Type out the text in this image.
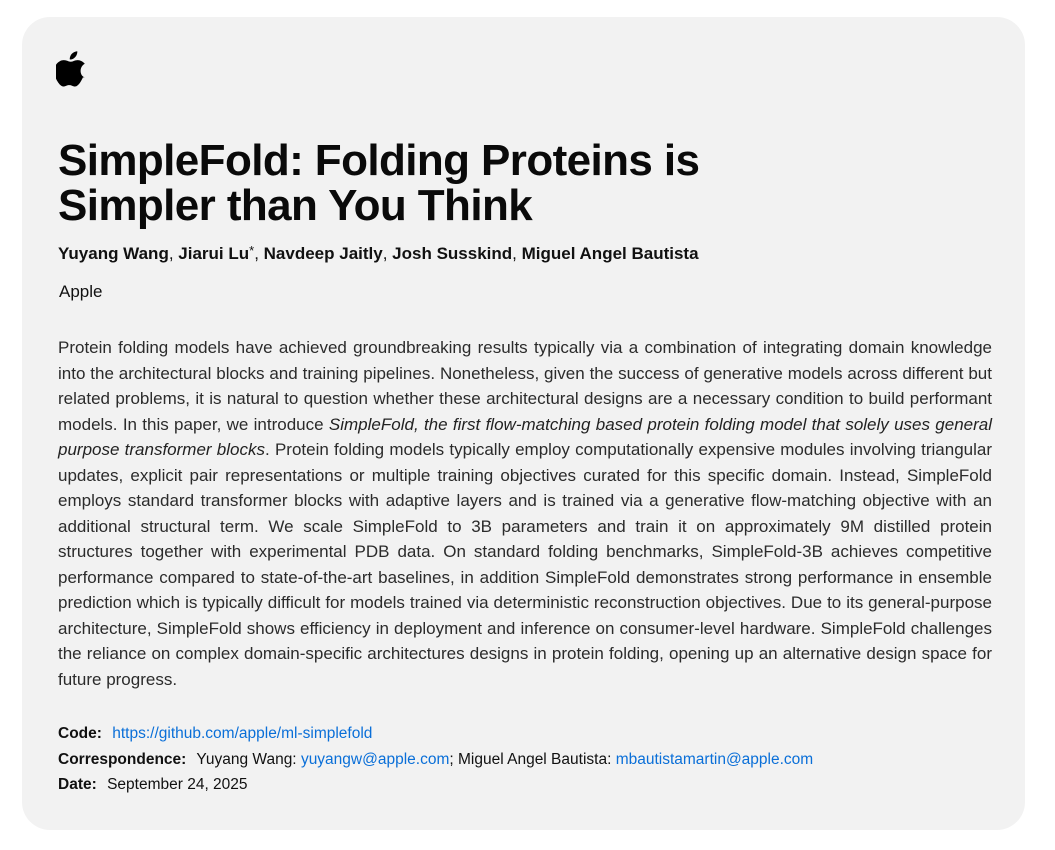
SimpleFold: Folding Proteins is
Simpler than You Think
Yuyang Wang, Jiarui Lu*, Navdeep Jaitly, Josh Susskind, Miguel Angel Bautista
Apple

Protein folding models have achieved groundbreaking results typically via a combination of integrating domain knowledge into the architectural blocks and training pipelines. Nonetheless, given the success of generative models across different but related problems, it is natural to question whether these architectural designs are a necessary condition to build performant models. In this paper, we introduce SimpleFold, the first flow-matching based protein folding model that solely uses general purpose transformer blocks. Protein folding models typically employ computationally expensive modules involving triangular updates, explicit pair representations or multiple training objectives curated for this specific domain. Instead, SimpleFold employs standard transformer blocks with adaptive layers and is trained via a generative flow-matching objective with an additional structural term. We scale SimpleFold to 3B parameters and train it on approximately 9M distilled protein structures together with experimental PDB data. On standard folding benchmarks, SimpleFold-3B achieves competitive performance compared to state-of-the-art baselines, in addition SimpleFold demonstrates strong performance in ensemble prediction which is typically difficult for models trained via deterministic reconstruction objectives. Due to its general-purpose architecture, SimpleFold shows efficiency in deployment and inference on consumer-level hardware. SimpleFold challenges the reliance on complex domain-specific architectures designs in protein folding, opening up an alternative design space for future progress.

Code: https://github.com/apple/ml-simplefold
Correspondence: Yuyang Wang: yuyangw@apple.com; Miguel Angel Bautista: mbautistamartin@apple.com
Date: September 24, 2025
